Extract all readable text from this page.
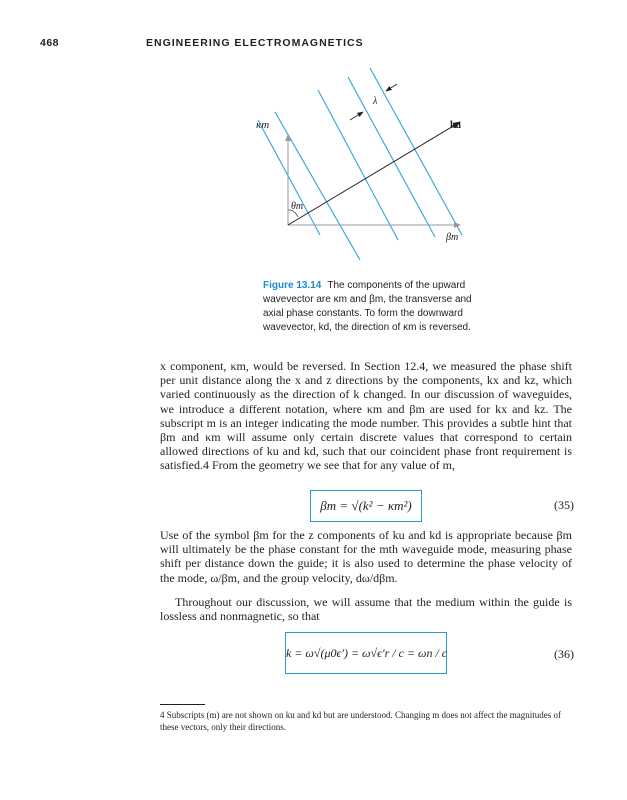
468	ENGINEERING ELECTROMAGNETICS
κm
λ
ku
θm
βm
Figure 13.14 The components of the upward wavevector are κm and βm, the transverse and axial phase constants. To form the downward wavevector, kd, the direction of κm is reversed.
x component, κm, would be reversed. In Section 12.4, we measured the phase shift per unit distance along the x and z directions by the components, kx and kz, which varied continuously as the direction of k changed. In our discussion of waveguides, we introduce a different notation, where κm and βm are used for kx and kz. The subscript m is an integer indicating the mode number. This provides a subtle hint that βm and κm will assume only certain discrete values that correspond to certain allowed directions of ku and kd, such that our coincident phase front requirement is satisfied.4 From the geometry we see that for any value of m,
βm = √(k² − κm²)	(35)
Use of the symbol βm for the z components of ku and kd is appropriate because βm will ultimately be the phase constant for the mth waveguide mode, measuring phase shift per distance down the guide; it is also used to determine the phase velocity of the mode, ω/βm, and the group velocity, dω/dβm.
Throughout our discussion, we will assume that the medium within the guide is lossless and nonmagnetic, so that
k = ω√(μ0ϵ′) = ω√ϵ′r / c = ωn / c	(36)
4 Subscripts (m) are not shown on ku and kd but are understood. Changing m does not affect the magnitudes of these vectors, only their directions.
